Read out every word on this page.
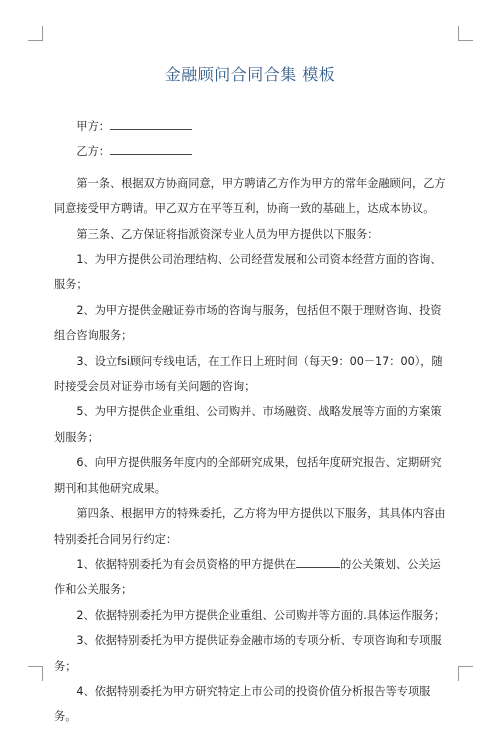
金融顾问合同合集 模板

甲方：

乙方：

第一条、根据双方协商同意，甲方聘请乙方作为甲方的常年金融顾问，乙方同意接受甲方聘请。甲乙双方在平等互利，协商一致的基础上，达成本协议。

第三条、乙方保证将指派资深专业人员为甲方提供以下服务：

1、为甲方提供公司治理结构、公司经营发展和公司资本经营方面的咨询、服务；

2、为甲方提供金融证券市场的咨询与服务，包括但不限于理财咨询、投资组合咨询服务；

3、设立fsi顾问专线电话，在工作日上班时间（每天9：00－17：00），随时接受会员对证券市场有关问题的咨询；

5、为甲方提供企业重组、公司购并、市场融资、战略发展等方面的方案策划服务；

6、向甲方提供服务年度内的全部研究成果，包括年度研究报告、定期研究期刊和其他研究成果。

第四条、根据甲方的特殊委托，乙方将为甲方提供以下服务，其具体内容由特别委托合同另行约定：

1、依据特别委托为有会员资格的甲方提供在	的公关策划、公关运作和公关服务；

2、依据特别委托为甲方提供企业重组、公司购并等方面的.具体运作服务；

3、依据特别委托为甲方提供证券金融市场的专项分析、专项咨询和专项服务；

4、依据特别委托为甲方研究特定上市公司的投资价值分析报告等专项服务。
